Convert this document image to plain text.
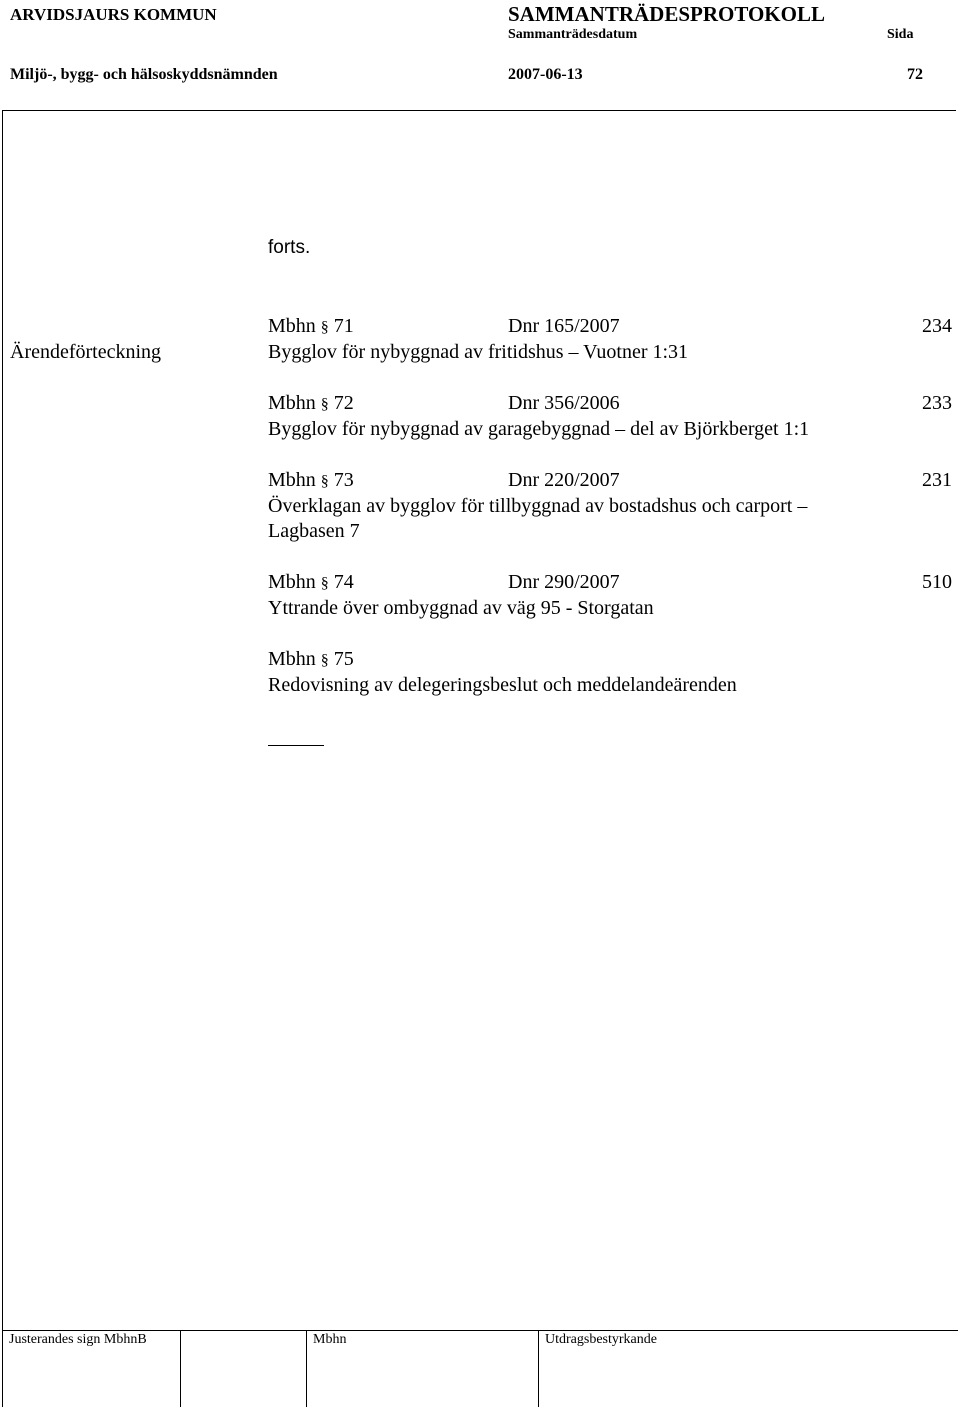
ARVIDSJAURS KOMMUN	SAMMANTRÄDESPROTOKOLL
Sammanträdesdatum	Sida
Miljö-, bygg- och hälsoskyddsnämnden	2007-06-13	72
forts.
Mbhn § 71	Dnr 165/2007	234
Ärendeförteckning	Bygglov för nybyggnad av fritidshus – Vuotner 1:31
Mbhn § 72	Dnr 356/2006	233
Bygglov för nybyggnad av garagebyggnad – del av Björkberget 1:1
Mbhn § 73	Dnr 220/2007	231
Överklagan av bygglov för tillbyggnad av bostadshus och carport –
Lagbasen 7
Mbhn § 74	Dnr 290/2007	510
Yttrande över ombyggnad av väg 95 - Storgatan
Mbhn § 75
Redovisning av delegeringsbeslut och meddelandeärenden
Justerandes sign MbhnB	Mbhn	Utdragsbestyrkande
